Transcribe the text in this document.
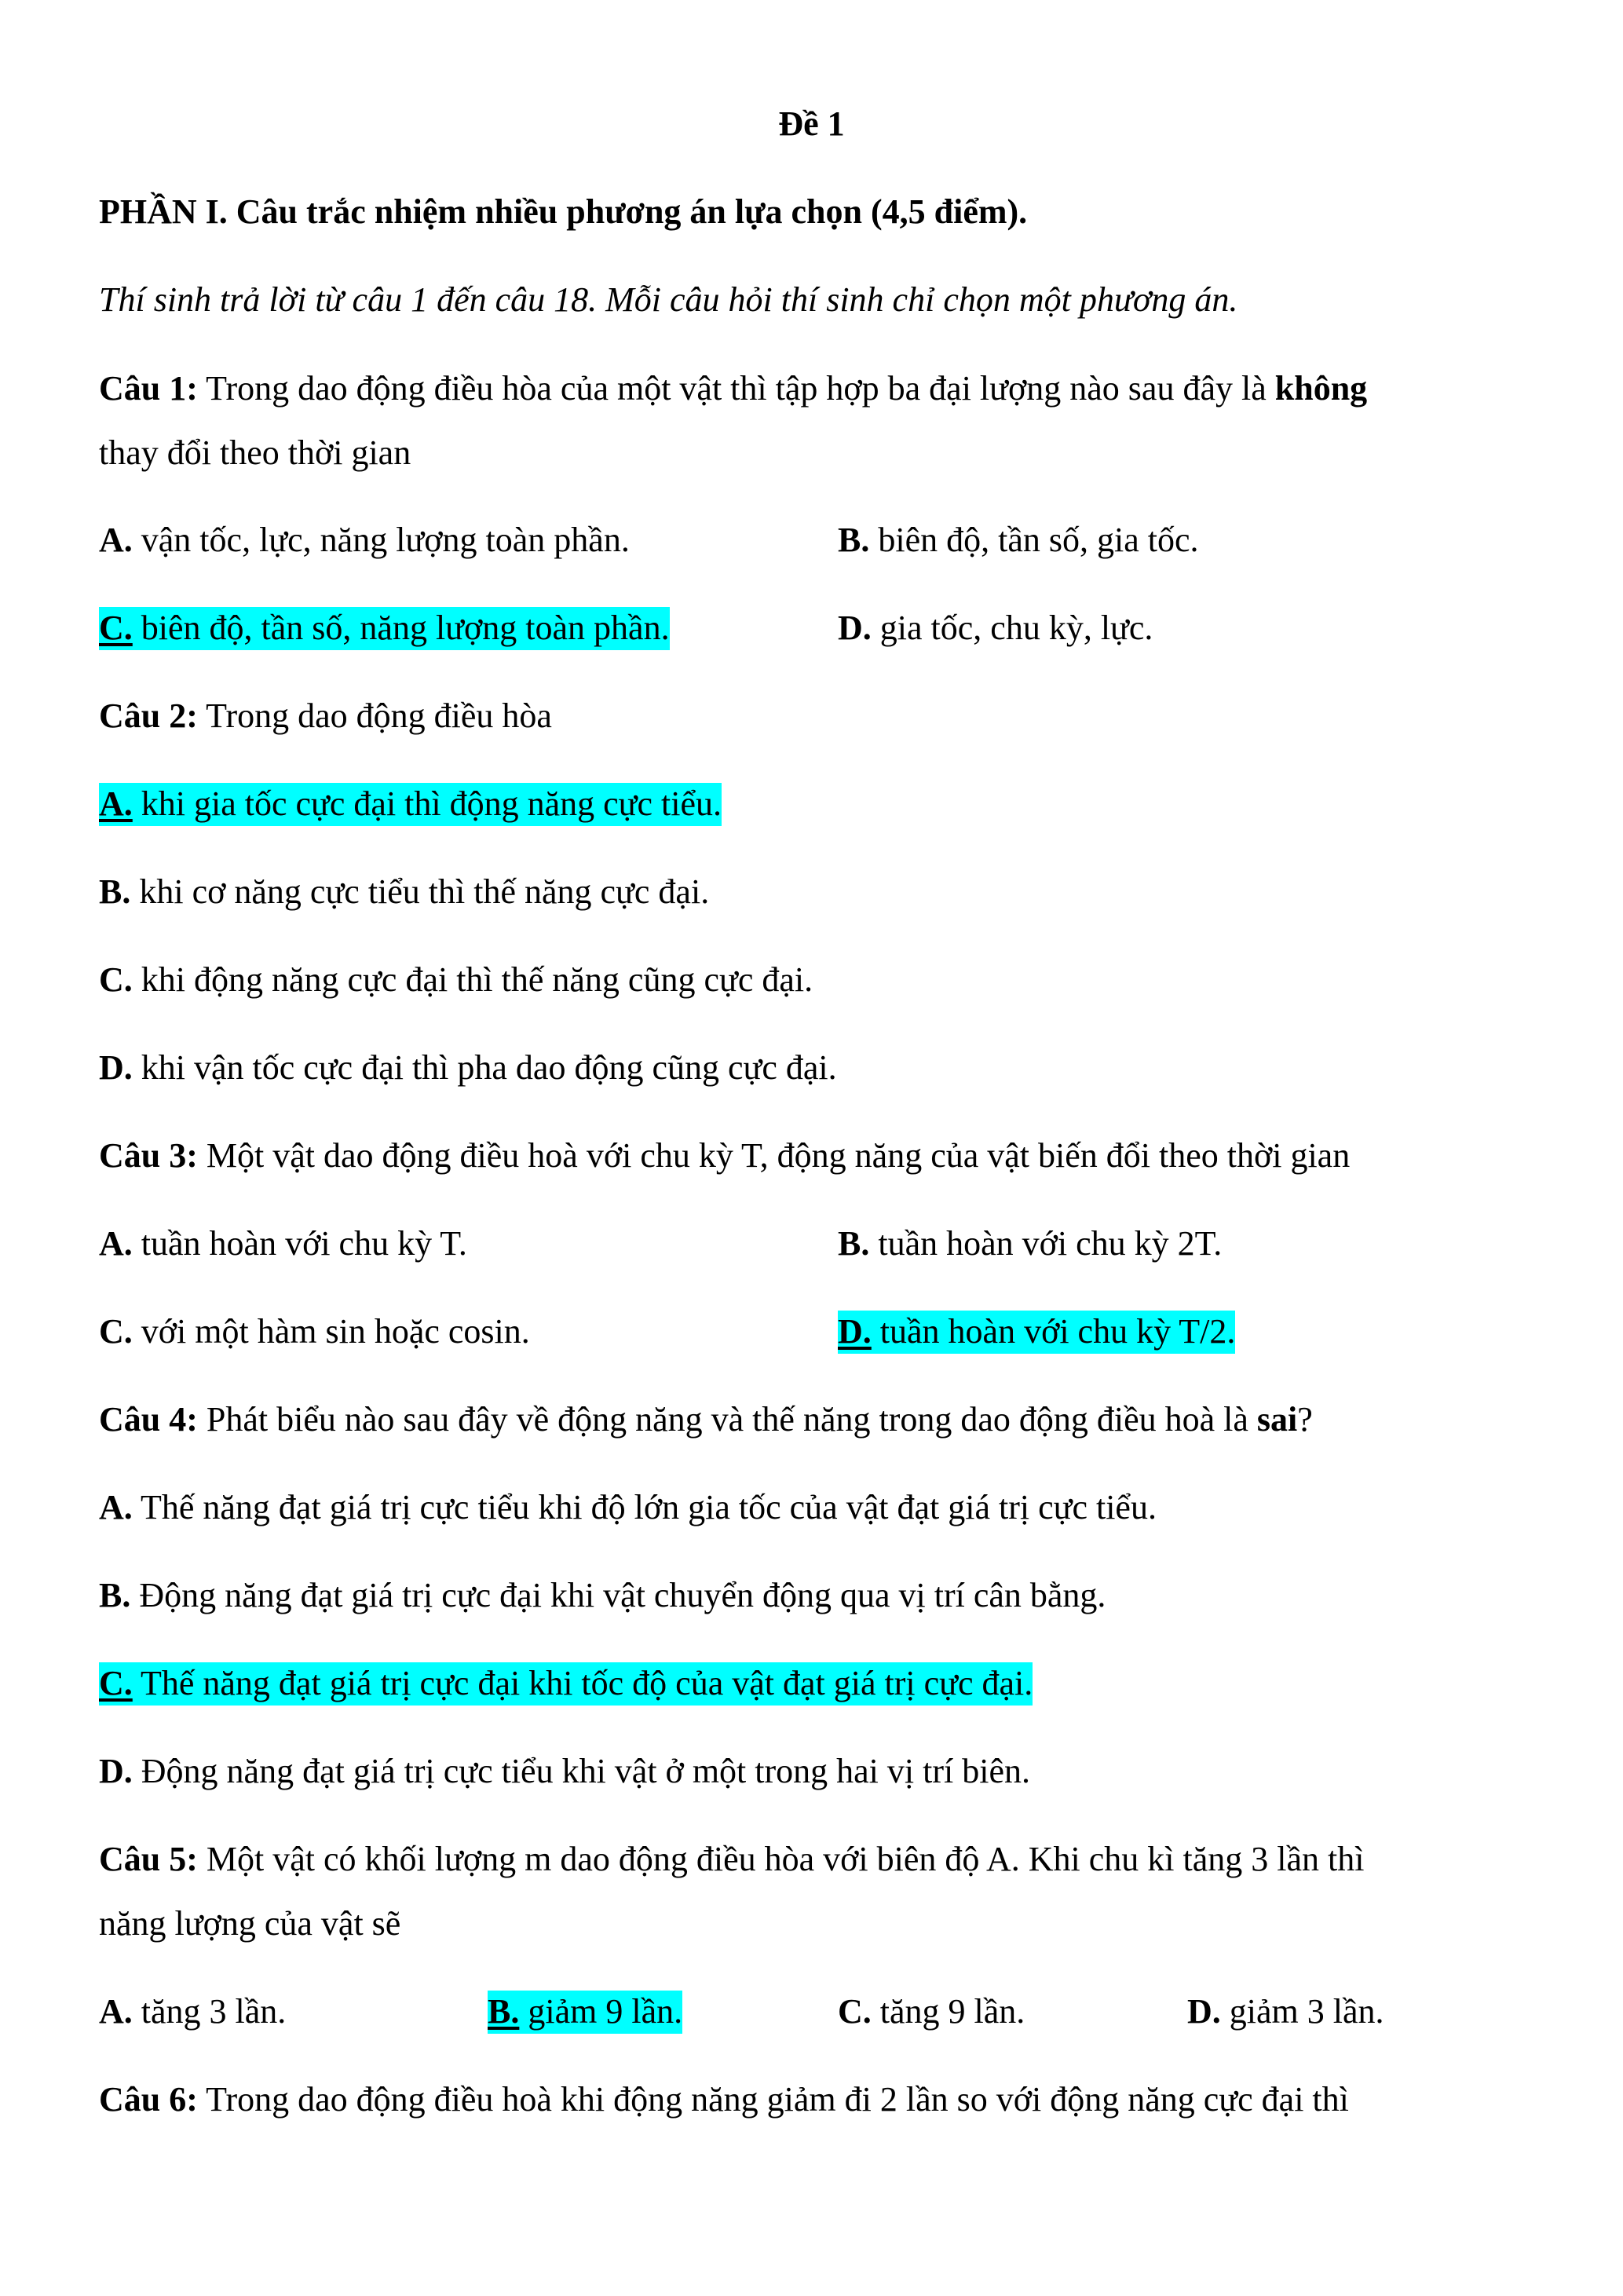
Đề 1
PHẦN I. Câu trắc nhiệm nhiều phương án lựa chọn (4,5 điểm).
Thí sinh trả lời từ câu 1 đến câu 18. Mỗi câu hỏi thí sinh chỉ chọn một phương án.
Câu 1: Trong dao động điều hòa của một vật thì tập hợp ba đại lượng nào sau đây là không
thay đổi theo thời gian
A. vận tốc, lực, năng lượng toàn phần.	B. biên độ, tần số, gia tốc.
C. biên độ, tần số, năng lượng toàn phần.	D. gia tốc, chu kỳ, lực.
Câu 2: Trong dao động điều hòa
A. khi gia tốc cực đại thì động năng cực tiểu.
B. khi cơ năng cực tiểu thì thế năng cực đại.
C. khi động năng cực đại thì thế năng cũng cực đại.
D. khi vận tốc cực đại thì pha dao động cũng cực đại.
Câu 3: Một vật dao động điều hoà với chu kỳ T, động năng của vật biến đổi theo thời gian
A. tuần hoàn với chu kỳ T.	B. tuần hoàn với chu kỳ 2T.
C. với một hàm sin hoặc cosin.	D. tuần hoàn với chu kỳ T/2.
Câu 4: Phát biểu nào sau đây về động năng và thế năng trong dao động điều hoà là sai?
A. Thế năng đạt giá trị cực tiểu khi độ lớn gia tốc của vật đạt giá trị cực tiểu.
B. Động năng đạt giá trị cực đại khi vật chuyển động qua vị trí cân bằng.
C. Thế năng đạt giá trị cực đại khi tốc độ của vật đạt giá trị cực đại.
D. Động năng đạt giá trị cực tiểu khi vật ở một trong hai vị trí biên.
Câu 5: Một vật có khối lượng m dao động điều hòa với biên độ A. Khi chu kì tăng 3 lần thì
năng lượng của vật sẽ
A. tăng 3 lần.	B. giảm 9 lần.	C. tăng 9 lần.	D. giảm 3 lần.
Câu 6: Trong dao động điều hoà khi động năng giảm đi 2 lần so với động năng cực đại thì
